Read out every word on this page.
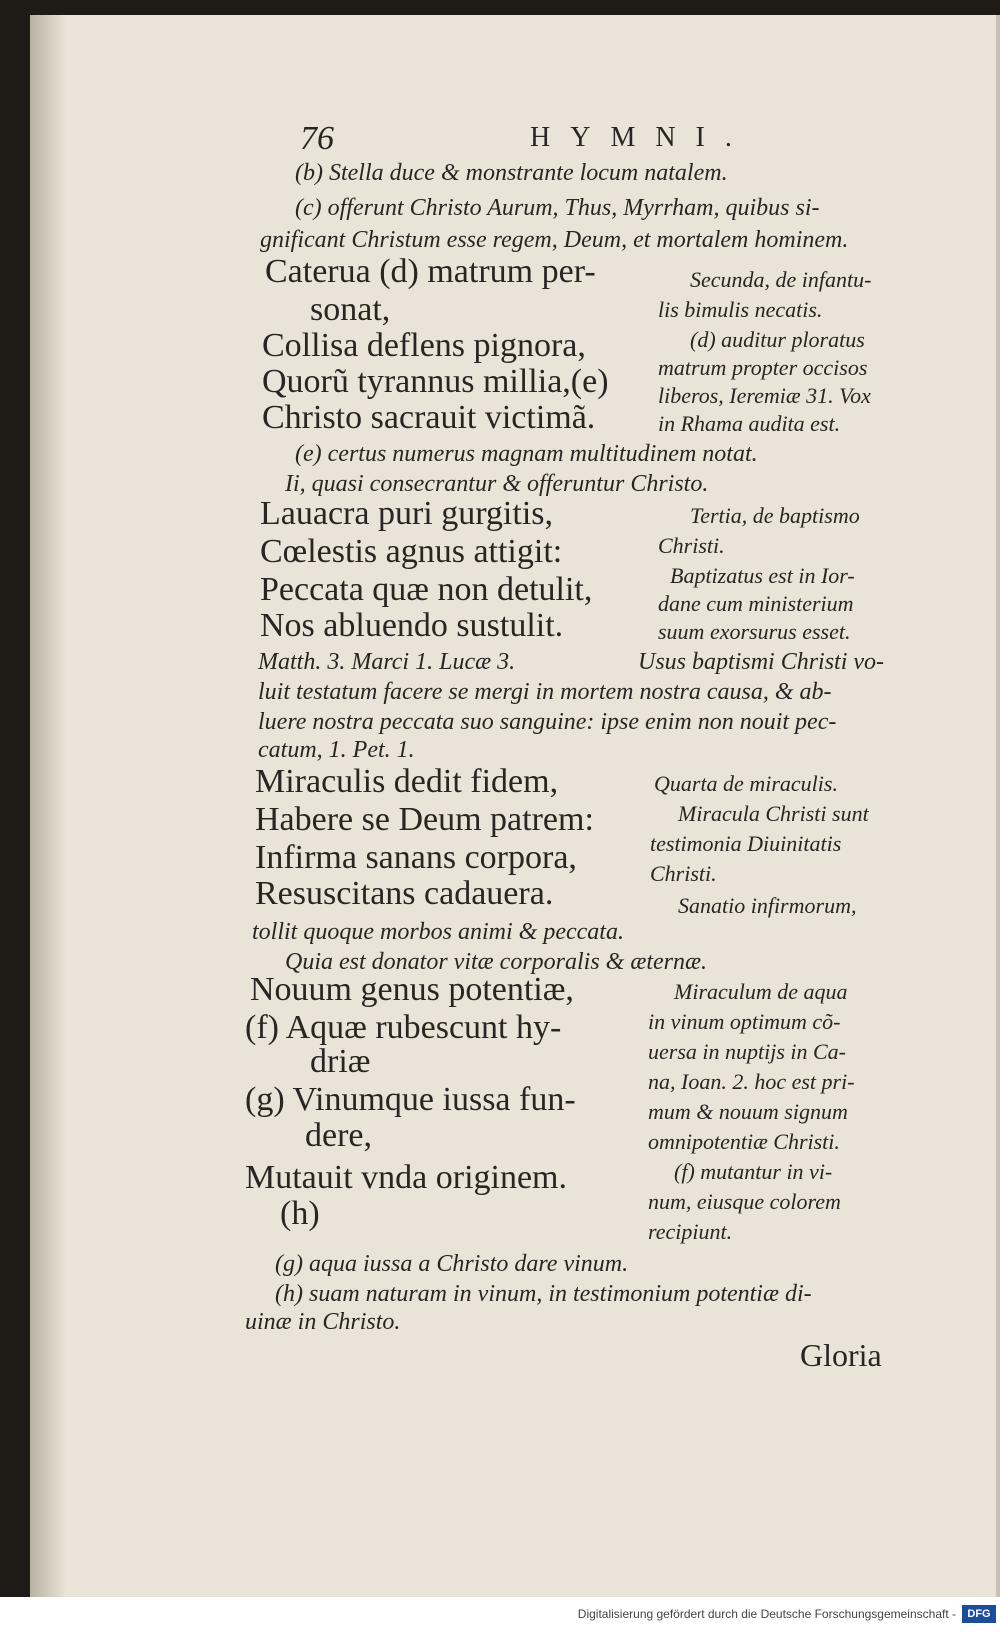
76	HYMNI.
(b) Stella duce & monstrante locum natalem.
(c) offerunt Christo Aurum, Thus, Myrrham, quibus si-
gnificant Christum esse regem, Deum, et mortalem hominem.
Caterua (d) matrum per-
sonat,
Collisa deflens pignora,
Quorũ tyrannus millia,(e)
Christo sacrauit victimã.
Secunda, de infantu-
lis bimulis necatis.
(d) auditur ploratus
matrum propter occisos
liberos, Ieremiæ 31. Vox
in Rhama audita est.
(e) certus numerus magnam multitudinem notat.
Ii, quasi consecrantur & offeruntur Christo.
Lauacra puri gurgitis,
Cœlestis agnus attigit:
Peccata quæ non detulit,
Nos abluendo sustulit.
Tertia, de baptismo
Christi.
Baptizatus est in Ior-
dane cum ministerium
suum exorsurus esset.
Matth. 3. Marci 1. Lucæ 3.	Usus baptismi Christi vo-
luit testatum facere se mergi in mortem nostra causa, & ab-
luere nostra peccata suo sanguine: ipse enim non nouit pec-
catum, 1. Pet. 1.
Miraculis dedit fidem,
Habere se Deum patrem:
Infirma sanans corpora,
Resuscitans cadauera.
Quarta de miraculis.
Miracula Christi sunt
testimonia Diuinitatis
Christi.
Sanatio infirmorum,
tollit quoque morbos animi & peccata.
Quia est donator vitæ corporalis & æternæ.
Nouum genus potentiæ,
(f) Aquæ rubescunt hy-
driæ
(g) Vinumque iussa fun-
dere,
Mutauit vnda originem.
(h)
Miraculum de aqua
in vinum optimum cõ-
uersa in nuptijs in Ca-
na, Ioan. 2. hoc est pri-
mum & nouum signum
omnipotentiæ Christi.
(f) mutantur in vi-
num, eiusque colorem
recipiunt.
(g) aqua iussa a Christo dare vinum.
(h) suam naturam in vinum, in testimonium potentiæ di-
uinæ in Christo.
Gloria
Digitalisierung gefördert durch die Deutsche Forschungsgemeinschaft -	DFG
